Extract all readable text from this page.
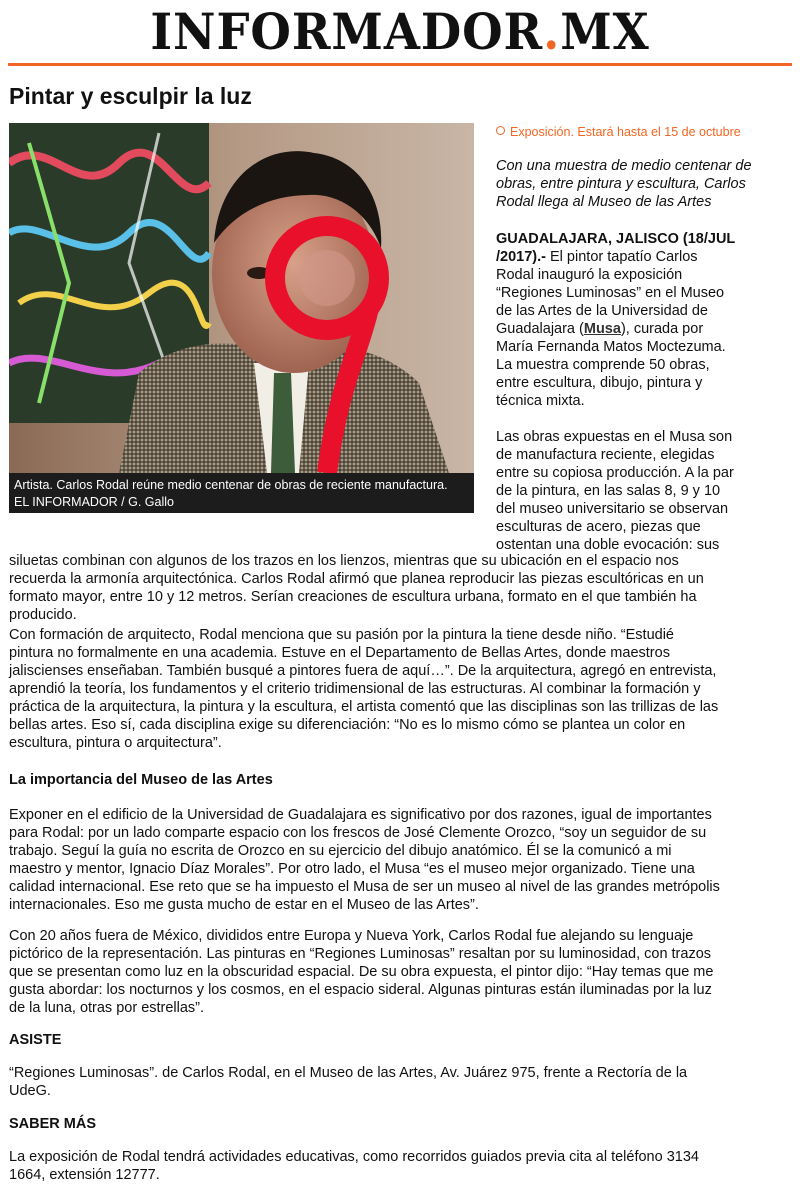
INFORMADOR.MX
Pintar y esculpir la luz
Artista. Carlos Rodal reúne medio centenar de obras de reciente manufactura.
EL INFORMADOR / G. Gallo
Exposición. Estará hasta el 15 de octubre
Con una muestra de medio centenar de
obras, entre pintura y escultura, Carlos
Rodal llega al Museo de las Artes
GUADALAJARA, JALISCO (18/JUL
/2017).- El pintor tapatío Carlos
Rodal inauguró la exposición
“Regiones Luminosas” en el Museo
de las Artes de la Universidad de
Guadalajara (Musa), curada por
María Fernanda Matos Moctezuma.
La muestra comprende 50 obras,
entre escultura, dibujo, pintura y
técnica mixta.
Las obras expuestas en el Musa son
de manufactura reciente, elegidas
entre su copiosa producción. A la par
de la pintura, en las salas 8, 9 y 10
del museo universitario se observan
esculturas de acero, piezas que
ostentan una doble evocación: sus
siluetas combinan con algunos de los trazos en los lienzos, mientras que su ubicación en el espacio nos
recuerda la armonía arquitectónica. Carlos Rodal afirmó que planea reproducir las piezas escultóricas en un
formato mayor, entre 10 y 12 metros. Serían creaciones de escultura urbana, formato en el que también ha
producido.
Con formación de arquitecto, Rodal menciona que su pasión por la pintura la tiene desde niño. “Estudié
pintura no formalmente en una academia. Estuve en el Departamento de Bellas Artes, donde maestros
jaliscienses enseñaban. También busqué a pintores fuera de aquí…”. De la arquitectura, agregó en entrevista,
aprendió la teoría, los fundamentos y el criterio tridimensional de las estructuras. Al combinar la formación y
práctica de la arquitectura, la pintura y la escultura, el artista comentó que las disciplinas son las trillizas de las
bellas artes. Eso sí, cada disciplina exige su diferenciación: “No es lo mismo cómo se plantea un color en
escultura, pintura o arquitectura”.
La importancia del Museo de las Artes
Exponer en el edificio de la Universidad de Guadalajara es significativo por dos razones, igual de importantes
para Rodal: por un lado comparte espacio con los frescos de José Clemente Orozco, “soy un seguidor de su
trabajo. Seguí la guía no escrita de Orozco en su ejercicio del dibujo anatómico. Él se la comunicó a mi
maestro y mentor, Ignacio Díaz Morales”. Por otro lado, el Musa “es el museo mejor organizado. Tiene una
calidad internacional. Ese reto que se ha impuesto el Musa de ser un museo al nivel de las grandes metrópolis
internacionales. Eso me gusta mucho de estar en el Museo de las Artes”.
Con 20 años fuera de México, divididos entre Europa y Nueva York, Carlos Rodal fue alejando su lenguaje
pictórico de la representación. Las pinturas en “Regiones Luminosas” resaltan por su luminosidad, con trazos
que se presentan como luz en la obscuridad espacial. De su obra expuesta, el pintor dijo: “Hay temas que me
gusta abordar: los nocturnos y los cosmos, en el espacio sideral. Algunas pinturas están iluminadas por la luz
de la luna, otras por estrellas”.
ASISTE
“Regiones Luminosas”. de Carlos Rodal, en el Museo de las Artes, Av. Juárez 975, frente a Rectoría de la
UdeG.
SABER MÁS
La exposición de Rodal tendrá actividades educativas, como recorridos guiados previa cita al teléfono 3134
1664, extensión 12777.
